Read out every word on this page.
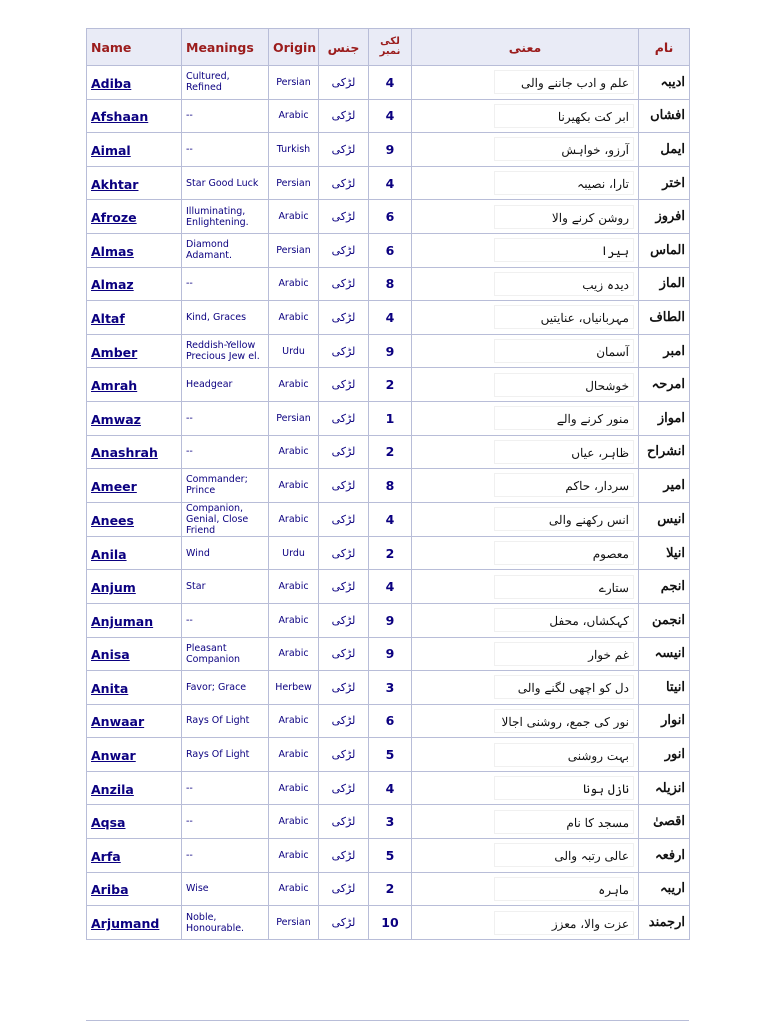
Name	Meanings	Origin	جنس	لکی نمبر	معنی	نام
Adiba	Cultured, Refined	Persian	لڑکی	4	علم و ادب جاننے والی	ادیبہ
Afshaan	--	Arabic	لڑکی	4	ابر کت بکھیرنا	افشاں
Aimal	--	Turkish	لڑکی	9	آرزو، خواہش	ایمل
Akhtar	Star Good Luck	Persian	لڑکی	4	تارا، نصیبہ	اختر
Afroze	Illuminating, Enlightening.	Arabic	لڑکی	6	روشن کرنے والا	افروز
Almas	Diamond Adamant.	Persian	لڑکی	6	ہیرا	الماس
Almaz	--	Arabic	لڑکی	8	دیدہ زیب	الماز
Altaf	Kind, Graces	Arabic	لڑکی	4	مہربانیاں، عنایتیں	الطاف
Amber	Reddish-Yellow Precious Jew el.	Urdu	لڑکی	9	آسمان	امبر
Amrah	Headgear	Arabic	لڑکی	2	خوشحال	امرحہ
Amwaz	--	Persian	لڑکی	1	منور کرنے والے	امواز
Anashrah	--	Arabic	لڑکی	2	ظاہر، عیاں	انشراح
Ameer	Commander; Prince	Arabic	لڑکی	8	سردار، حاکم	امیر
Anees	Companion, Genial, Close Friend	Arabic	لڑکی	4	انس رکھنے والی	انیس
Anila	Wind	Urdu	لڑکی	2	معصوم	انیلا
Anjum	Star	Arabic	لڑکی	4	ستارے	انجم
Anjuman	--	Arabic	لڑکی	9	کہکشاں، محفل	انجمن
Anisa	Pleasant Companion	Arabic	لڑکی	9	غم خوار	انیسہ
Anita	Favor; Grace	Herbew	لڑکی	3	دل کو اچھی لگنے والی	انیتا
Anwaar	Rays Of Light	Arabic	لڑکی	6	نور کی جمع، روشنی اجالا	انوار
Anwar	Rays Of Light	Arabic	لڑکی	5	بہت روشنی	انور
Anzila	--	Arabic	لڑکی	4	نازل ہونا	انزیلہ
Aqsa	--	Arabic	لڑکی	3	مسجد کا نام	اقصیٰ
Arfa	--	Arabic	لڑکی	5	عالی رتبہ والی	ارفعہ
Ariba	Wise	Arabic	لڑکی	2	ماہرہ	اریبہ
Arjumand	Noble, Honourable.	Persian	لڑکی	10	عزت والا، معزز	ارجمند
